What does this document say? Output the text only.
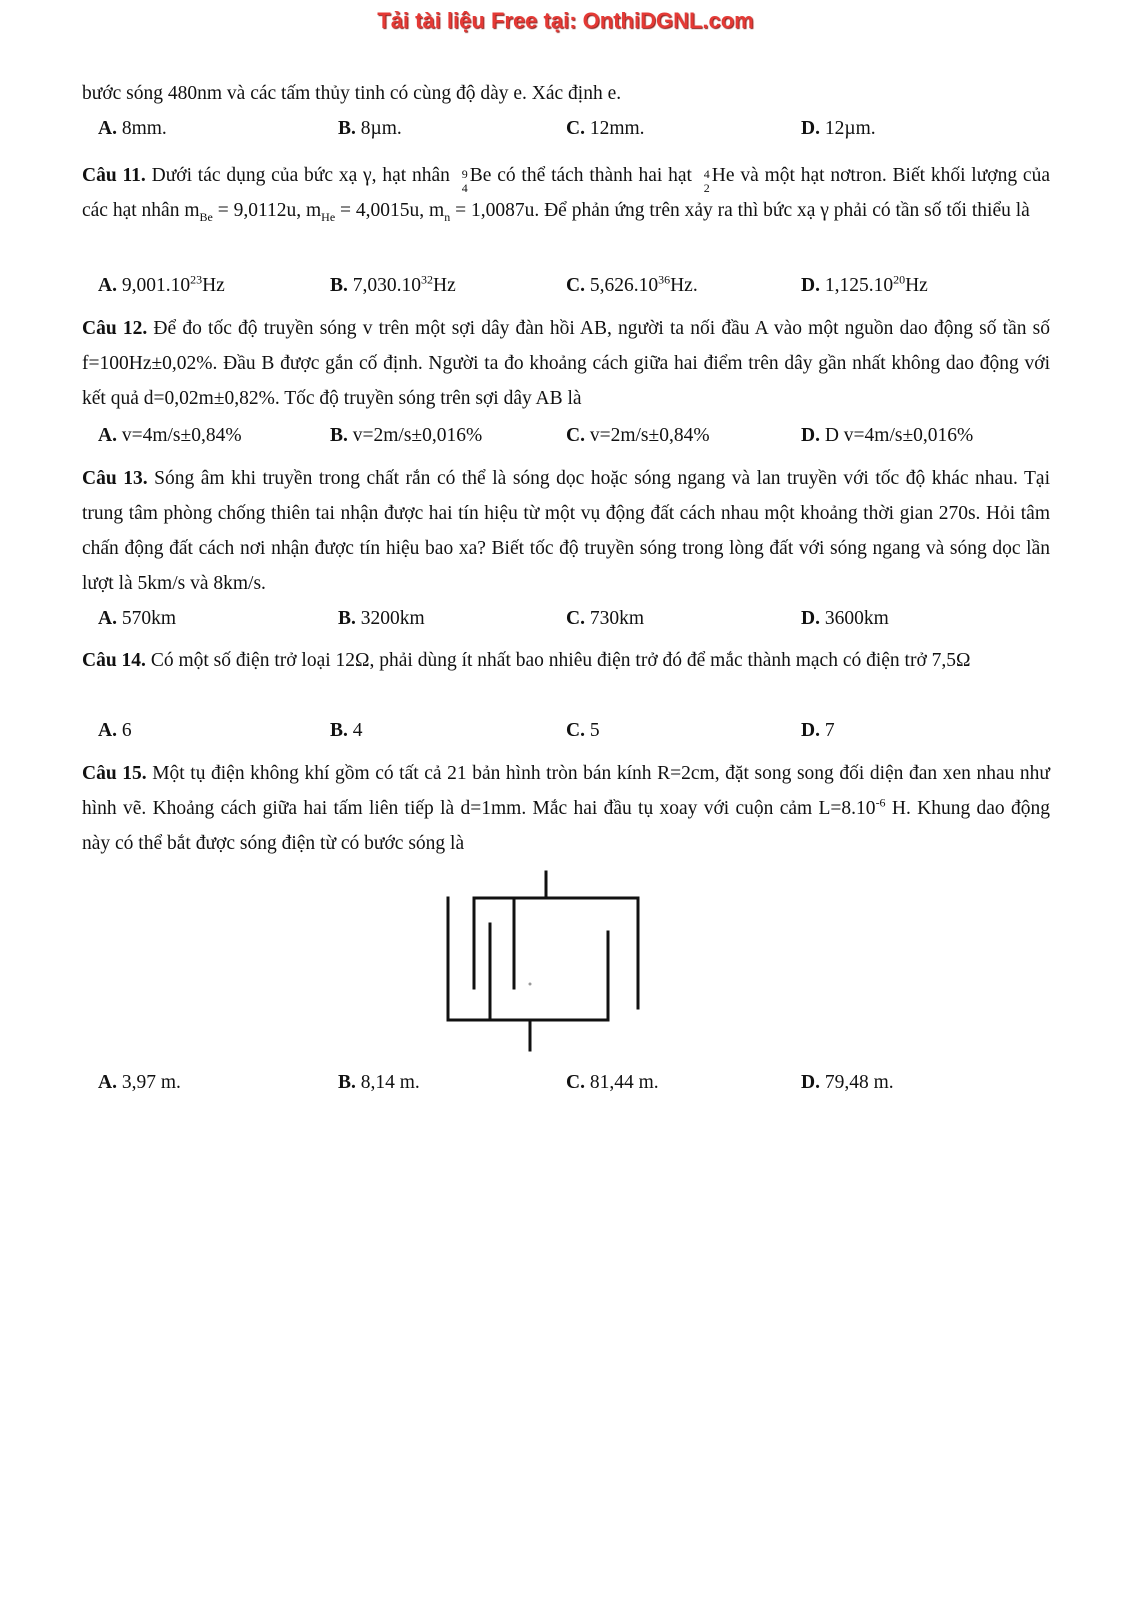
Tải tài liệu Free tại: OnthiDGNL.com

bước sóng 480nm và các tấm thủy tinh có cùng độ dày e. Xác định e.

A. 8mm.	B. 8µm.	C. 12mm.	D. 12µm.

Câu 11. Dưới tác dụng của bức xạ γ, hạt nhân 9
4
Be có thể tách thành hai hạt 4
2
He và một hạt nơtron. Biết khối lượng của các hạt nhân $m_{Be} = 9,0112u$, $m_{He} = 4,0015u$, $m_n = 1,0087u$. Để phản ứng trên xảy ra thì bức xạ γ phải có tần số tối thiểu là

A. 9,001.10$^{23}$Hz	B. 7,030.10$^{32}$Hz	C. 5,626.10$^{36}$Hz.	D. 1,125.10$^{20}$Hz

Câu 12. Để đo tốc độ truyền sóng v trên một sợi dây đàn hồi AB, người ta nối đầu A vào một nguồn dao động số tần số f=100Hz±0,02%. Đầu B được gắn cố định. Người ta đo khoảng cách giữa hai điểm trên dây gần nhất không dao động với kết quả d=0,02m±0,82%. Tốc độ truyền sóng trên sợi dây AB là

A. v=4m/s±0,84%	B. v=2m/s±0,016%	C. v=2m/s±0,84%	D. D v=4m/s±0,016%

Câu 13. Sóng âm khi truyền trong chất rắn có thể là sóng dọc hoặc sóng ngang và lan truyền với tốc độ khác nhau. Tại trung tâm phòng chống thiên tai nhận được hai tín hiệu từ một vụ động đất cách nhau một khoảng thời gian 270s. Hỏi tâm chấn động đất cách nơi nhận được tín hiệu bao xa? Biết tốc độ truyền sóng trong lòng đất với sóng ngang và sóng dọc lần lượt là 5km/s và 8km/s.

A. 570km	B. 3200km	C. 730km	D. 3600km

Câu 14. Có một số điện trở loại 12Ω, phải dùng ít nhất bao nhiêu điện trở đó để mắc thành mạch có điện trở 7,5Ω

A. 6	B. 4	C. 5	D. 7

Câu 15. Một tụ điện không khí gồm có tất cả 21 bản hình tròn bán kính R=2cm, đặt song song đối diện đan xen nhau như hình vẽ. Khoảng cách giữa hai tấm liên tiếp là d=1mm. Mắc hai đầu tụ xoay với cuộn cảm $L=8.10^{-6}$ H. Khung dao động này có thể bắt được sóng điện từ có bước sóng là

A. 3,97 m.	B. 8,14 m.	C. 81,44 m.	D. 79,48 m.
